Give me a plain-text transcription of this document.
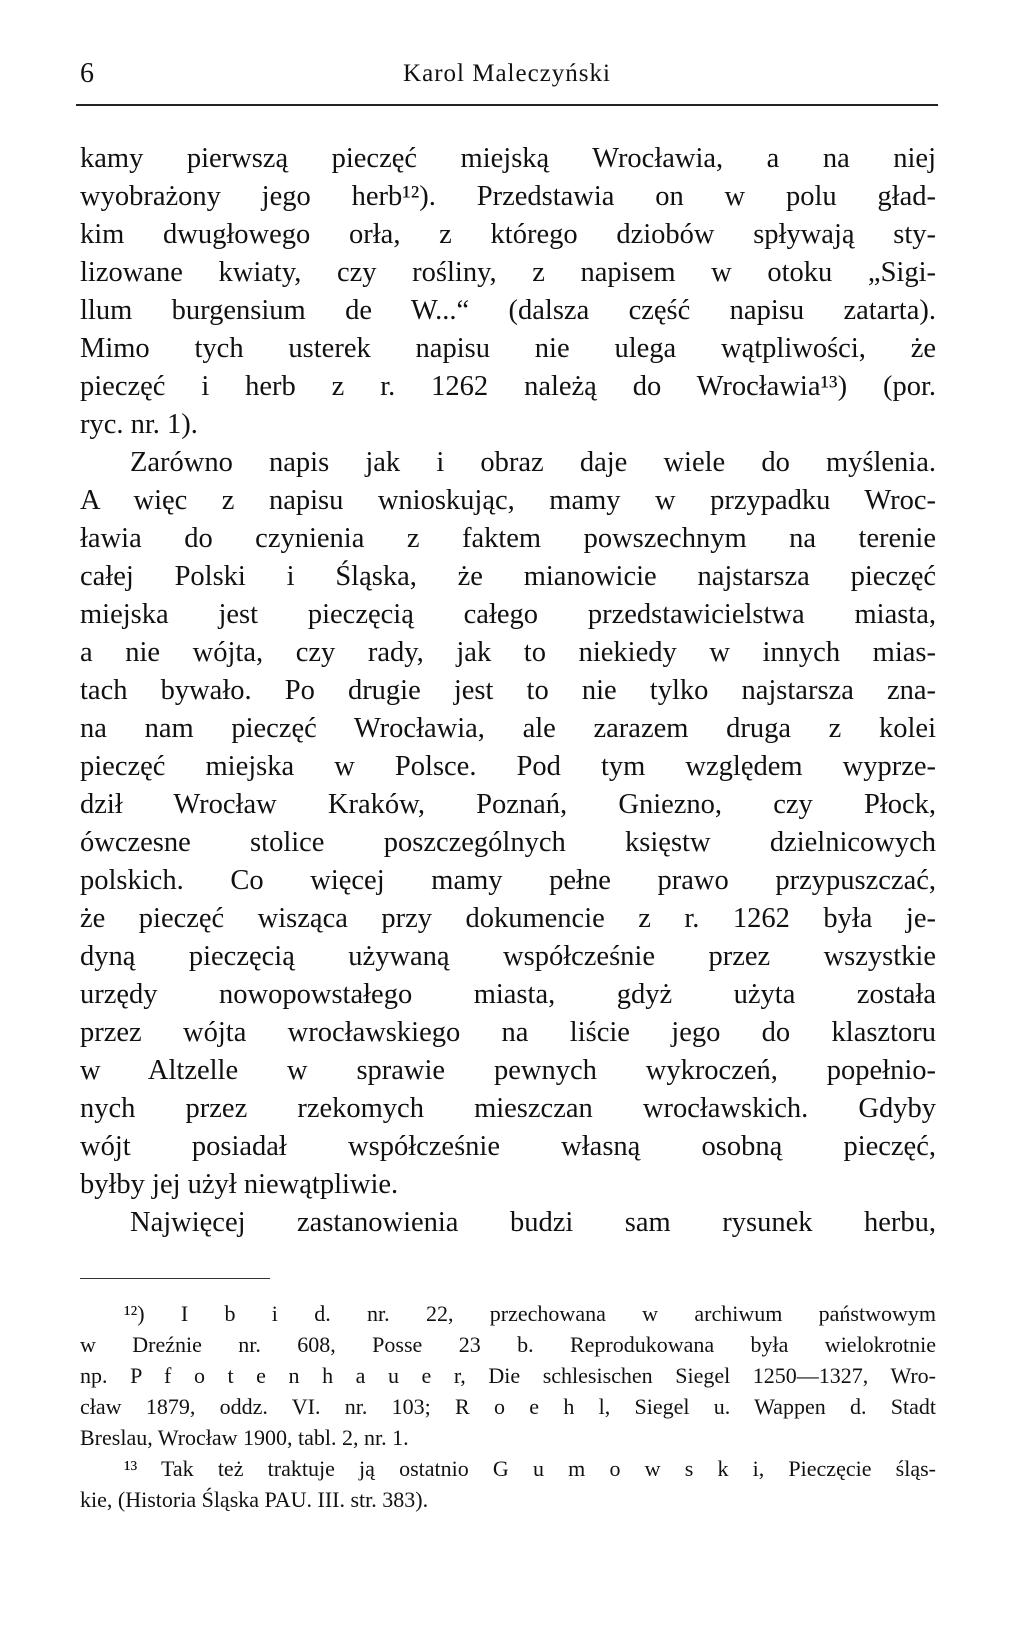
6	Karol Maleczyński
kamy pierwszą pieczęć miejską Wrocławia, a na niej
wyobrażony jego herb¹²). Przedstawia on w polu gład-
kim dwugłowego orła, z którego dziobów spływają sty-
lizowane kwiaty, czy rośliny, z napisem w otoku „Sigi-
llum burgensium de W...“ (dalsza część napisu zatarta).
Mimo tych usterek napisu nie ulega wątpliwości, że
pieczęć i herb z r. 1262 należą do Wrocławia¹³) (por.
ryc. nr. 1).
Zarówno napis jak i obraz daje wiele do myślenia.
A więc z napisu wnioskując, mamy w przypadku Wroc-
ławia do czynienia z faktem powszechnym na terenie
całej Polski i Śląska, że mianowicie najstarsza pieczęć
miejska jest pieczęcią całego przedstawicielstwa miasta,
a nie wójta, czy rady, jak to niekiedy w innych mias-
tach bywało. Po drugie jest to nie tylko najstarsza zna-
na nam pieczęć Wrocławia, ale zarazem druga z kolei
pieczęć miejska w Polsce. Pod tym względem wyprze-
dził Wrocław Kraków, Poznań, Gniezno, czy Płock,
ówczesne stolice poszczególnych księstw dzielnicowych
polskich. Co więcej mamy pełne prawo przypuszczać,
że pieczęć wisząca przy dokumencie z r. 1262 była je-
dyną pieczęcią używaną współcześnie przez wszystkie
urzędy nowopowstałego miasta, gdyż użyta została
przez wójta wrocławskiego na liście jego do klasztoru
w Altzelle w sprawie pewnych wykroczeń, popełnio-
nych przez rzekomych mieszczan wrocławskich. Gdyby
wójt posiadał współcześnie własną osobną pieczęć,
byłby jej użył niewątpliwie.
Najwięcej zastanowienia budzi sam rysunek herbu,
¹²) I b i d. nr. 22, przechowana w archiwum państwowym
w Dreźnie nr. 608, Posse 23 b. Reprodukowana była wielokrotnie
np. P f o t e n h a u e r, Die schlesischen Siegel 1250—1327, Wro-
cław 1879, oddz. VI. nr. 103; R o e h l, Siegel u. Wappen d. Stadt
Breslau, Wrocław 1900, tabl. 2, nr. 1.
¹³ Tak też traktuje ją ostatnio G u m o w s k i, Pieczęcie śląs-
kie, (Historia Śląska PAU. III. str. 383).
